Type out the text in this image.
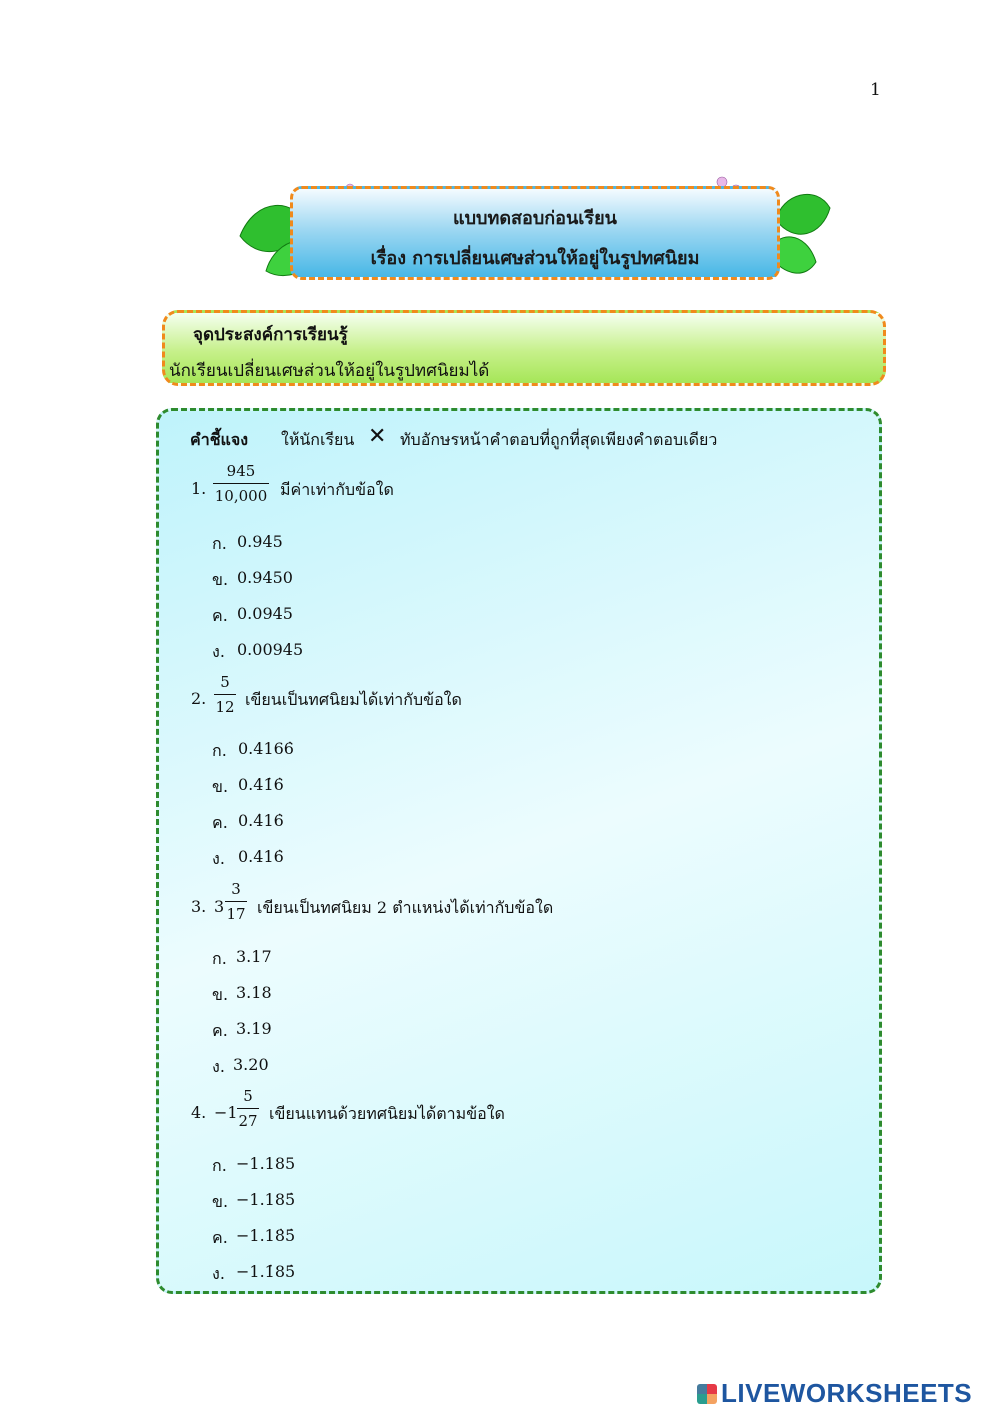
1
แบบทดสอบก่อนเรียน
เรื่อง การเปลี่ยนเศษส่วนให้อยู่ในรูปทศนิยม
จุดประสงค์การเรียนรู้
นักเรียนเปลี่ยนเศษส่วนให้อยู่ในรูปทศนิยมได้
คำชี้แจง ให้นักเรียน ✕ ทับอักษรหน้าคำตอบที่ถูกที่สุดเพียงคำตอบเดียว
1.
945
10,000 มีค่าเท่ากับข้อใด
ก. 0.945
ข. 0.9450
ค. 0.0945
ง. 0.00945
2.
5
12 เขียนเป็นทศนิยมได้เท่ากับข้อใด
ก. 0.4166̇
ข. 0.41̇6̇
ค. 0.4̇16̇
ง. 0.416̇
3. 3
3
17 เขียนเป็นทศนิยม 2 ตำแหน่งได้เท่ากับข้อใด
ก. 3.17
ข. 3.18
ค. 3.19
ง. 3.20
4. −1
5
27 เขียนแทนด้วยทศนิยมได้ตามข้อใด
ก. −1.185
ข. −1.185̇
ค. −1.18̇5̇
ง. −1.1̇85̇
LIVEWORKSHEETS
